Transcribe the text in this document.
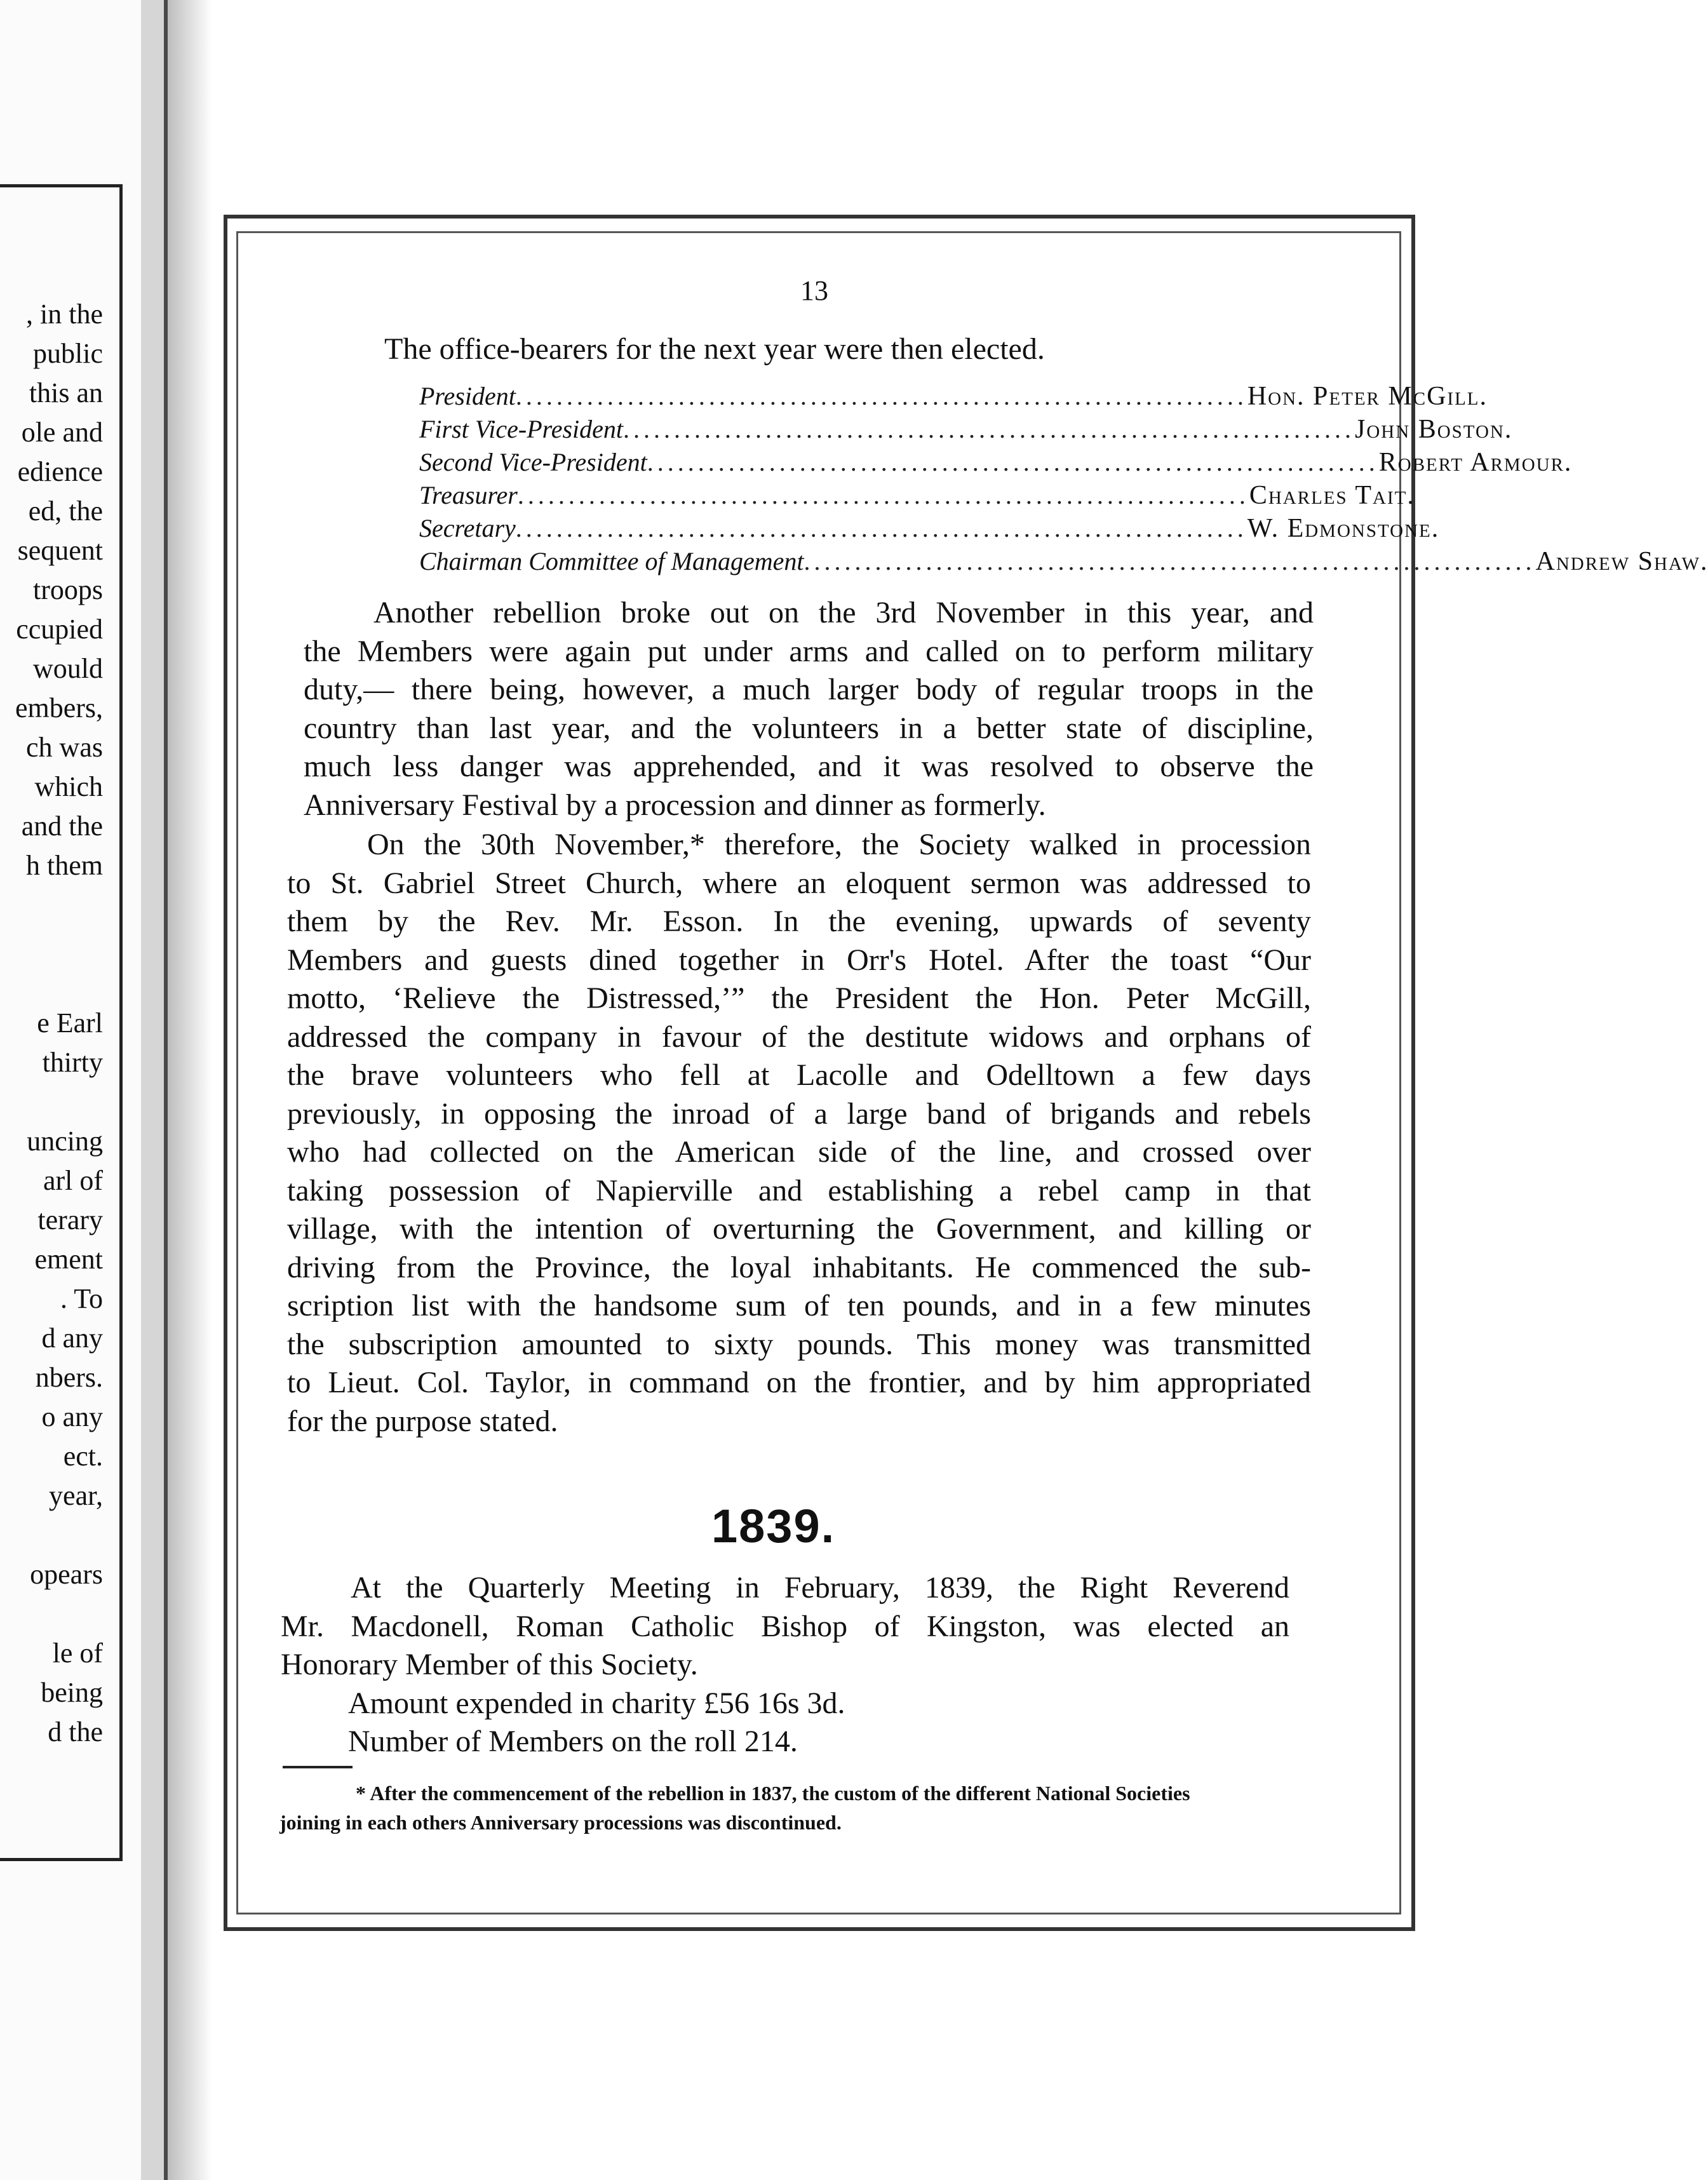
, in the
public
this an
ole and
edience
ed, the
sequent
troops
ccupied
would
embers,
ch was
which
and the
h them
e Earl
thirty
uncing
arl of
terary
ement
. To
d any
nbers.
o any
ect.
year,
opears
le of
being
d the
13
The office-bearers for the next year were then elected.
President ........................................................................ Hon. Peter McGill.
First Vice-President ........................................................................ John Boston.
Second Vice-President ........................................................................ Robert Armour.
Treasurer ........................................................................ Charles Tait.
Secretary ........................................................................ W. Edmonstone.
Chairman Committee of Management ........................................................................ Andrew Shaw.
Another rebellion broke out on the 3rd November in this year, and
the Members were again put under arms and called on to perform military
duty,— there being, however, a much larger body of regular troops in the
country than last year, and the volunteers in a better state of discipline,
much less danger was apprehended, and it was resolved to observe the
Anniversary Festival by a procession and dinner as formerly.
On the 30th November,* therefore, the Society walked in procession
to St. Gabriel Street Church, where an eloquent sermon was addressed to
them by the Rev. Mr. Esson. In the evening, upwards of seventy
Members and guests dined together in Orr's Hotel. After the toast “Our
motto, ‘Relieve the Distressed,’” the President the Hon. Peter McGill,
addressed the company in favour of the destitute widows and orphans of
the brave volunteers who fell at Lacolle and Odelltown a few days
previously, in opposing the inroad of a large band of brigands and rebels
who had collected on the American side of the line, and crossed over
taking possession of Napierville and establishing a rebel camp in that
village, with the intention of overturning the Government, and killing or
driving from the Province, the loyal inhabitants. He commenced the sub-
scription list with the handsome sum of ten pounds, and in a few minutes
the subscription amounted to sixty pounds. This money was transmitted
to Lieut. Col. Taylor, in command on the frontier, and by him appropriated
for the purpose stated.
1839.
At the Quarterly Meeting in February, 1839, the Right Reverend
Mr. Macdonell, Roman Catholic Bishop of Kingston, was elected an
Honorary Member of this Society.
Amount expended in charity £56 16s 3d.
Number of Members on the roll 214.
* After the commencement of the rebellion in 1837, the custom of the different National Societies
joining in each others Anniversary processions was discontinued.
